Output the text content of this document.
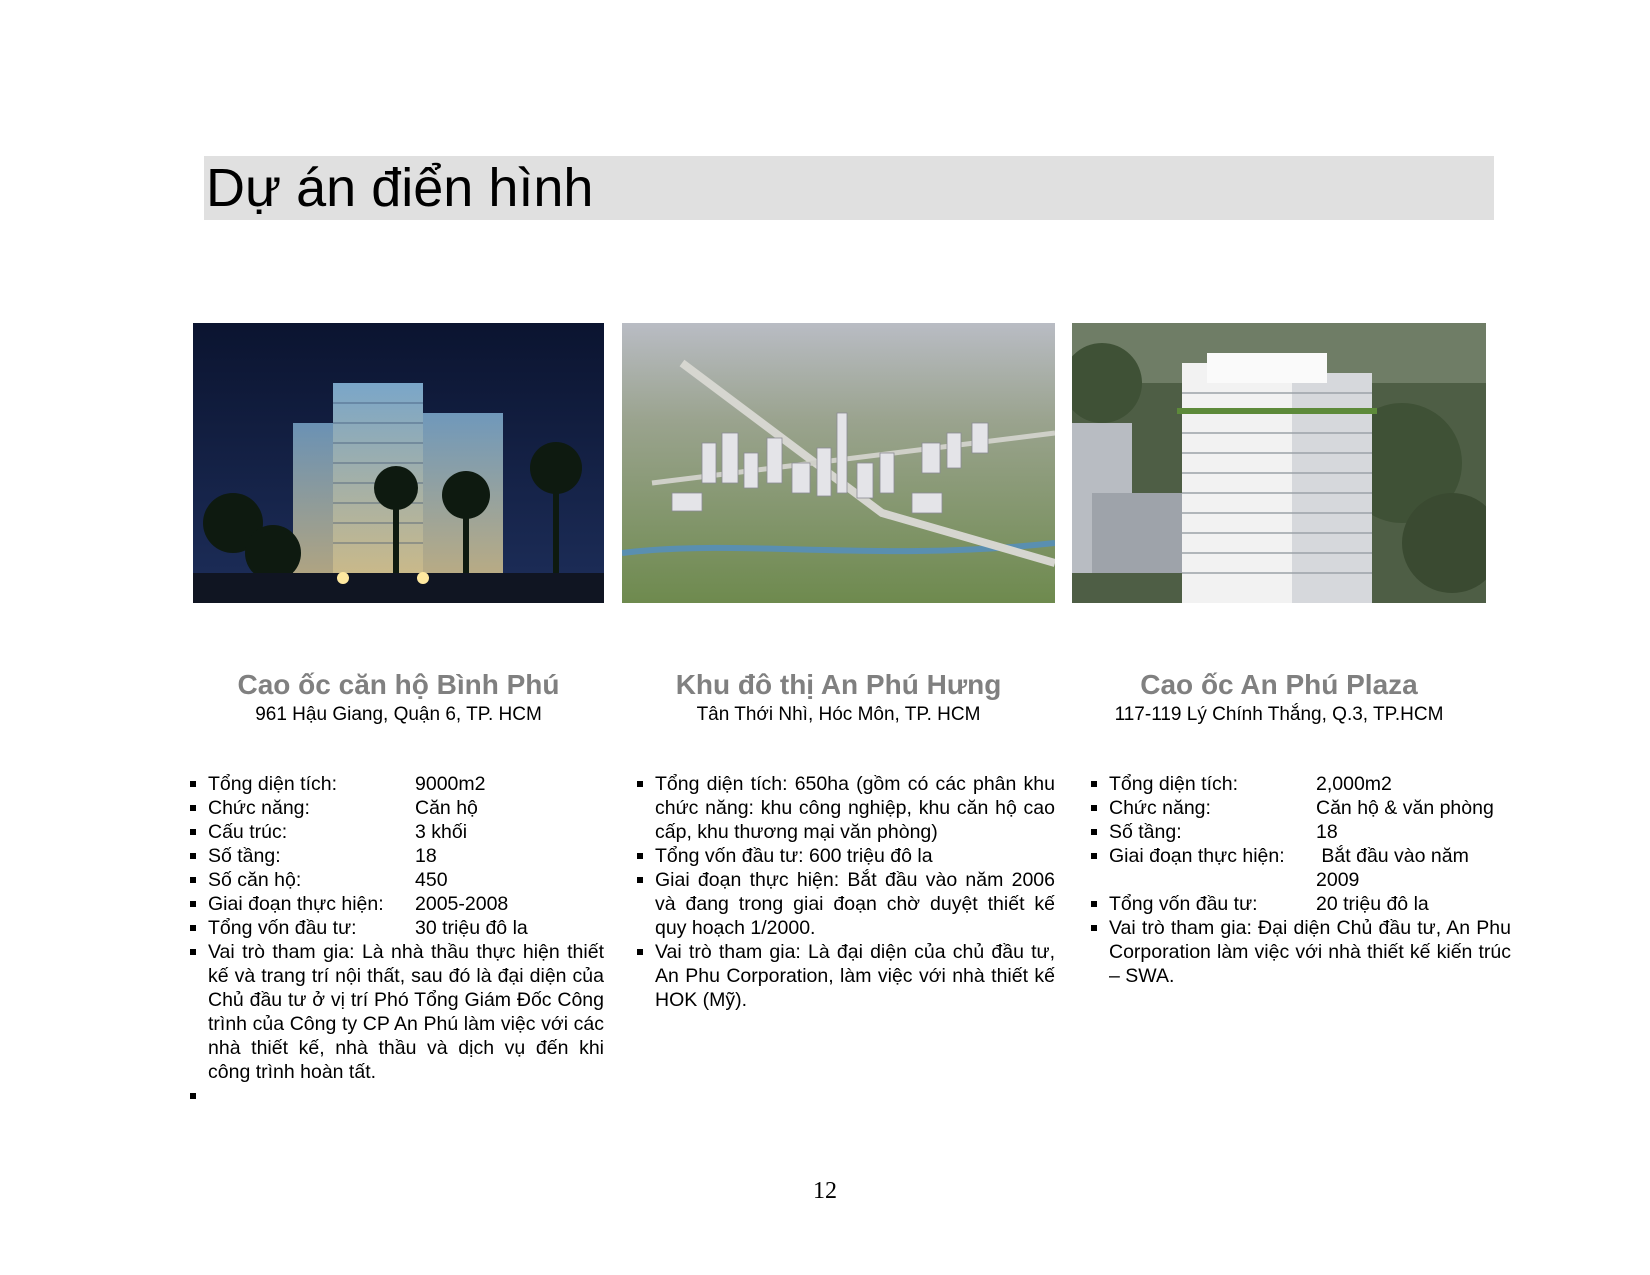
Dự án điển hình
Cao ốc căn hộ Bình Phú
961 Hậu Giang, Quận 6, TP. HCM
Khu đô thị An Phú Hưng
Tân Thới Nhì, Hóc Môn, TP. HCM
Cao ốc An Phú Plaza
117-119 Lý Chính Thắng, Q.3, TP.HCM
Tổng diện tích:	9000m2
Chức năng:	Căn hộ
Cấu trúc:	3 khối
Số tầng:	18
Số căn hộ:	450
Giai đoạn thực hiện:	2005-2008
Tổng vốn đầu tư:	30 triệu đô la
Vai trò tham gia: Là nhà thầu thực hiện thiết kế và trang trí nội thất, sau đó là đại diện của Chủ đầu tư ở vị trí Phó Tổng Giám Đốc Công trình của Công ty CP An Phú làm việc với các nhà thiết kế, nhà thầu và dịch vụ đến khi công trình hoàn tất.
Tổng diện tích: 650ha (gồm có các phân khu chức năng: khu công nghiệp, khu căn hộ cao cấp, khu thương mại văn phòng)
Tổng vốn đầu tư: 600 triệu đô la
Giai đoạn thực hiện: Bắt đầu vào năm 2006 và đang trong giai đoạn chờ duyệt thiết kế quy hoạch 1/2000.
Vai trò tham gia: Là đại diện của chủ đầu tư, An Phu Corporation, làm việc với nhà thiết kế HOK (Mỹ).
Tổng diện tích:	2,000m2
Chức năng:	Căn hộ & văn phòng
Số tầng:	18
Giai đoạn thực hiện:	Bắt đầu vào năm 2009
Tổng vốn đầu tư:	20 triệu đô la
Vai trò tham gia: Đại diện Chủ đầu tư, An Phu Corporation làm việc với nhà thiết kế kiến trúc – SWA.
12
